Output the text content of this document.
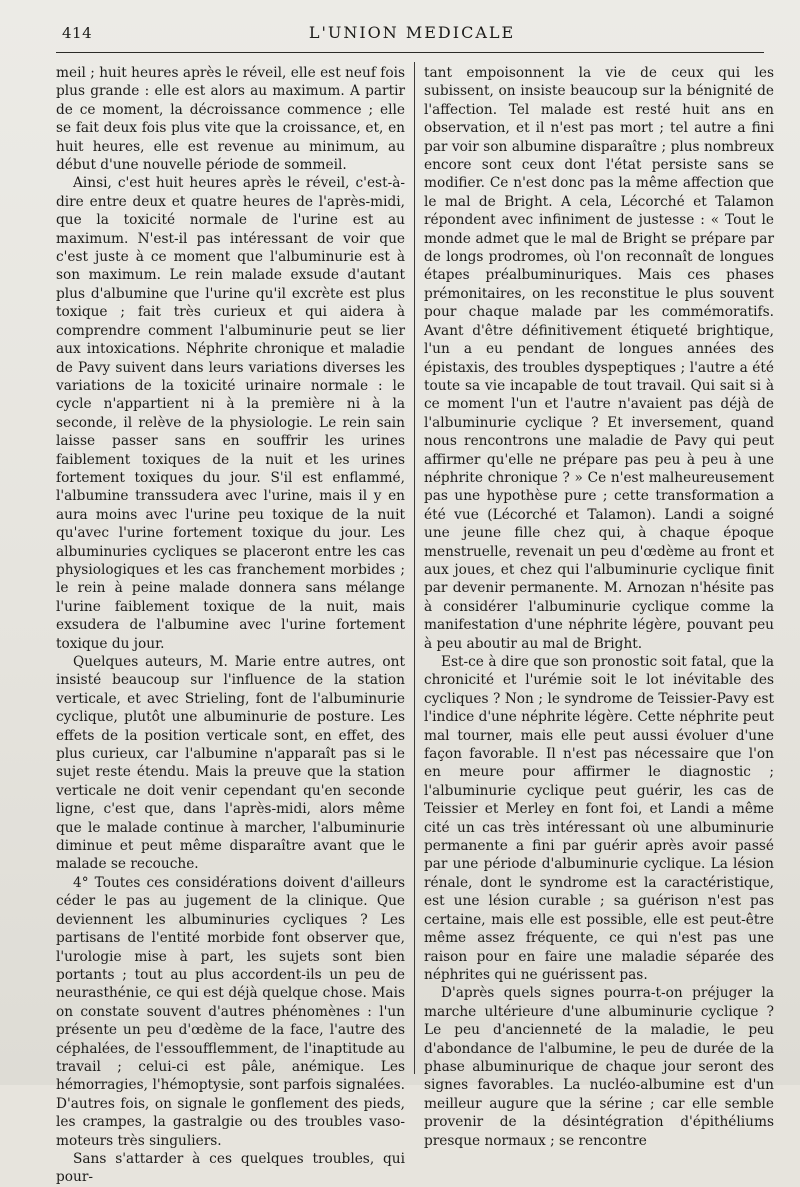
414	L'UNION MEDICALE

meil ; huit heures après le réveil, elle est neuf fois plus grande : elle est alors au maximum. A partir de ce moment, la décroissance commence ; elle se fait deux fois plus vite que la croissance, et, en huit heures, elle est revenue au minimum, au début d'une nouvelle période de sommeil.

Ainsi, c'est huit heures après le réveil, c'est-à-dire entre deux et quatre heures de l'après-midi, que la toxicité normale de l'urine est au maximum. N'est-il pas intéressant de voir que c'est juste à ce moment que l'albuminurie est à son maximum. Le rein malade exsude d'autant plus d'albumine que l'urine qu'il excrète est plus toxique ; fait très curieux et qui aidera à comprendre comment l'albuminurie peut se lier aux intoxications. Néphrite chronique et maladie de Pavy suivent dans leurs variations diverses les variations de la toxicité urinaire normale : le cycle n'appartient ni à la première ni à la seconde, il relève de la physiologie. Le rein sain laisse passer sans en souffrir les urines faiblement toxiques de la nuit et les urines fortement toxiques du jour. S'il est enflammé, l'albumine transsudera avec l'urine, mais il y en aura moins avec l'urine peu toxique de la nuit qu'avec l'urine fortement toxique du jour. Les albuminuries cycliques se placeront entre les cas physiologiques et les cas franchement morbides ; le rein à peine malade donnera sans mélange l'urine faiblement toxique de la nuit, mais exsudera de l'albumine avec l'urine fortement toxique du jour.

Quelques auteurs, M. Marie entre autres, ont insisté beaucoup sur l'influence de la station verticale, et avec Strieling, font de l'albuminurie cyclique, plutôt une albuminurie de posture. Les effets de la position verticale sont, en effet, des plus curieux, car l'albumine n'apparaît pas si le sujet reste étendu. Mais la preuve que la station verticale ne doit venir cependant qu'en seconde ligne, c'est que, dans l'après-midi, alors même que le malade continue à marcher, l'albuminurie diminue et peut même disparaître avant que le malade se recouche.

4° Toutes ces considérations doivent d'ailleurs céder le pas au jugement de la clinique. Que deviennent les albuminuries cycliques ? Les partisans de l'entité morbide font observer que, l'urologie mise à part, les sujets sont bien portants ; tout au plus accordent-ils un peu de neurasthénie, ce qui est déjà quelque chose. Mais on constate souvent d'autres phénomènes : l'un présente un peu d'œdème de la face, l'autre des céphalées, de l'essoufflemment, de l'inaptitude au travail ; celui-ci est pâle, anémique. Les hémorragies, l'hémoptysie, sont parfois signalées. D'autres fois, on signale le gonflement des pieds, les crampes, la gastralgie ou des troubles vaso-moteurs très singuliers.

Sans s'attarder à ces quelques troubles, qui pour-

tant empoisonnent la vie de ceux qui les subissent, on insiste beaucoup sur la bénignité de l'affection. Tel malade est resté huit ans en observation, et il n'est pas mort ; tel autre a fini par voir son albumine disparaître ; plus nombreux encore sont ceux dont l'état persiste sans se modifier. Ce n'est donc pas la même affection que le mal de Bright. A cela, Lécorché et Talamon répondent avec infiniment de justesse : « Tout le monde admet que le mal de Bright se prépare par de longs prodromes, où l'on reconnaît de longues étapes préalbuminuriques. Mais ces phases prémonitaires, on les reconstitue le plus souvent pour chaque malade par les commémoratifs. Avant d'être définitivement étiqueté brightique, l'un a eu pendant de longues années des épistaxis, des troubles dyspeptiques ; l'autre a été toute sa vie incapable de tout travail. Qui sait si à ce moment l'un et l'autre n'avaient pas déjà de l'albuminurie cyclique ? Et inversement, quand nous rencontrons une maladie de Pavy qui peut affirmer qu'elle ne prépare pas peu à peu à une néphrite chronique ? » Ce n'est malheureusement pas une hypothèse pure ; cette transformation a été vue (Lécorché et Talamon). Landi a soigné une jeune fille chez qui, à chaque époque menstruelle, revenait un peu d'œdème au front et aux joues, et chez qui l'albuminurie cyclique finit par devenir permanente. M. Arnozan n'hésite pas à considérer l'albuminurie cyclique comme la manifestation d'une néphrite légère, pouvant peu à peu aboutir au mal de Bright.

Est-ce à dire que son pronostic soit fatal, que la chronicité et l'urémie soit le lot inévitable des cycliques ? Non ; le syndrome de Teissier-Pavy est l'indice d'une néphrite légère. Cette néphrite peut mal tourner, mais elle peut aussi évoluer d'une façon favorable. Il n'est pas nécessaire que l'on en meure pour affirmer le diagnostic ; l'albuminurie cyclique peut guérir, les cas de Teissier et Merley en font foi, et Landi a même cité un cas très intéressant où une albuminurie permanente a fini par guérir après avoir passé par une période d'albuminurie cyclique. La lésion rénale, dont le syndrome est la caractéristique, est une lésion curable ; sa guérison n'est pas certaine, mais elle est possible, elle est peut-être même assez fréquente, ce qui n'est pas une raison pour en faire une maladie séparée des néphrites qui ne guérissent pas.

D'après quels signes pourra-t-on préjuger la marche ultérieure d'une albuminurie cyclique ? Le peu d'ancienneté de la maladie, le peu d'abondance de l'albumine, le peu de durée de la phase albuminurique de chaque jour seront des signes favorables. La nucléo-albumine est d'un meilleur augure que la sérine ; car elle semble provenir de la désintégration d'épithéliums presque normaux ; se rencontre
